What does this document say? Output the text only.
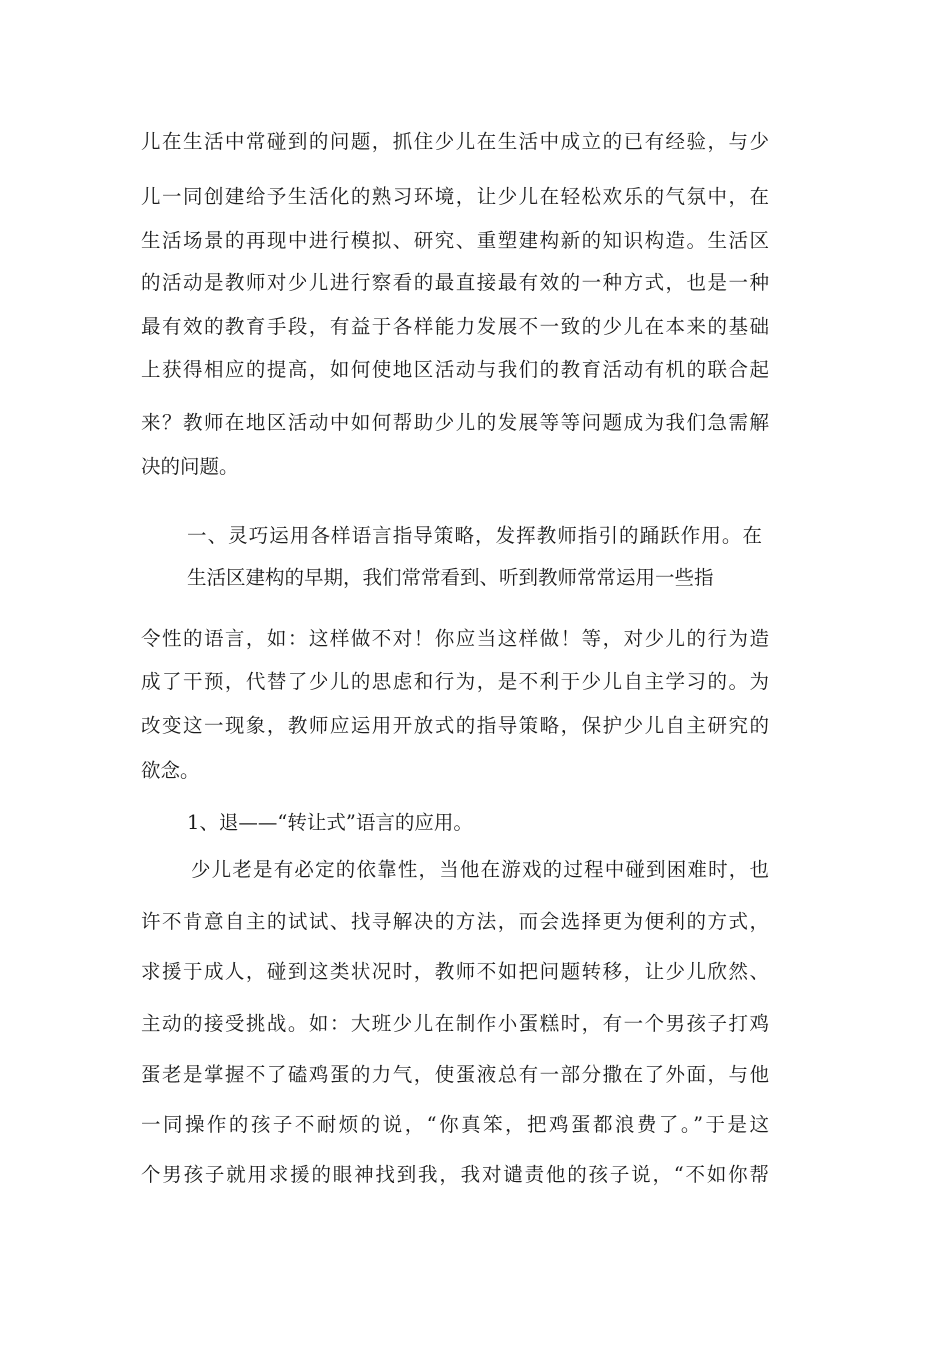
儿在生活中常碰到的问题，抓住少儿在生活中成立的已有经验，与少

儿一同创建给予生活化的熟习环境，让少儿在轻松欢乐的气氛中，在

生活场景的再现中进行模拟、研究、重塑建构新的知识构造。生活区

的活动是教师对少儿进行察看的最直接最有效的一种方式，也是一种

最有效的教育手段，有益于各样能力发展不一致的少儿在本来的基础

上获得相应的提高，如何使地区活动与我们的教育活动有机的联合起

来？教师在地区活动中如何帮助少儿的发展等等问题成为我们急需解

决的问题。

一、灵巧运用各样语言指导策略，发挥教师指引的踊跃作用。在

生活区建构的早期，我们常常看到、听到教师常常运用一些指

令性的语言，如：这样做不对！你应当这样做！等，对少儿的行为造

成了干预，代替了少儿的思虑和行为，是不利于少儿自主学习的。为

改变这一现象，教师应运用开放式的指导策略，保护少儿自主研究的

欲念。

1、退——“转让式”语言的应用。

少儿老是有必定的依靠性，当他在游戏的过程中碰到困难时，也

许不肯意自主的试试、找寻解决的方法，而会选择更为便利的方式，

求援于成人，碰到这类状况时，教师不如把问题转移，让少儿欣然、

主动的接受挑战。如：大班少儿在制作小蛋糕时，有一个男孩子打鸡

蛋老是掌握不了磕鸡蛋的力气，使蛋液总有一部分撒在了外面，与他

一同操作的孩子不耐烦的说，“你真笨，把鸡蛋都浪费了。”于是这

个男孩子就用求援的眼神找到我，我对谴责他的孩子说，“不如你帮
